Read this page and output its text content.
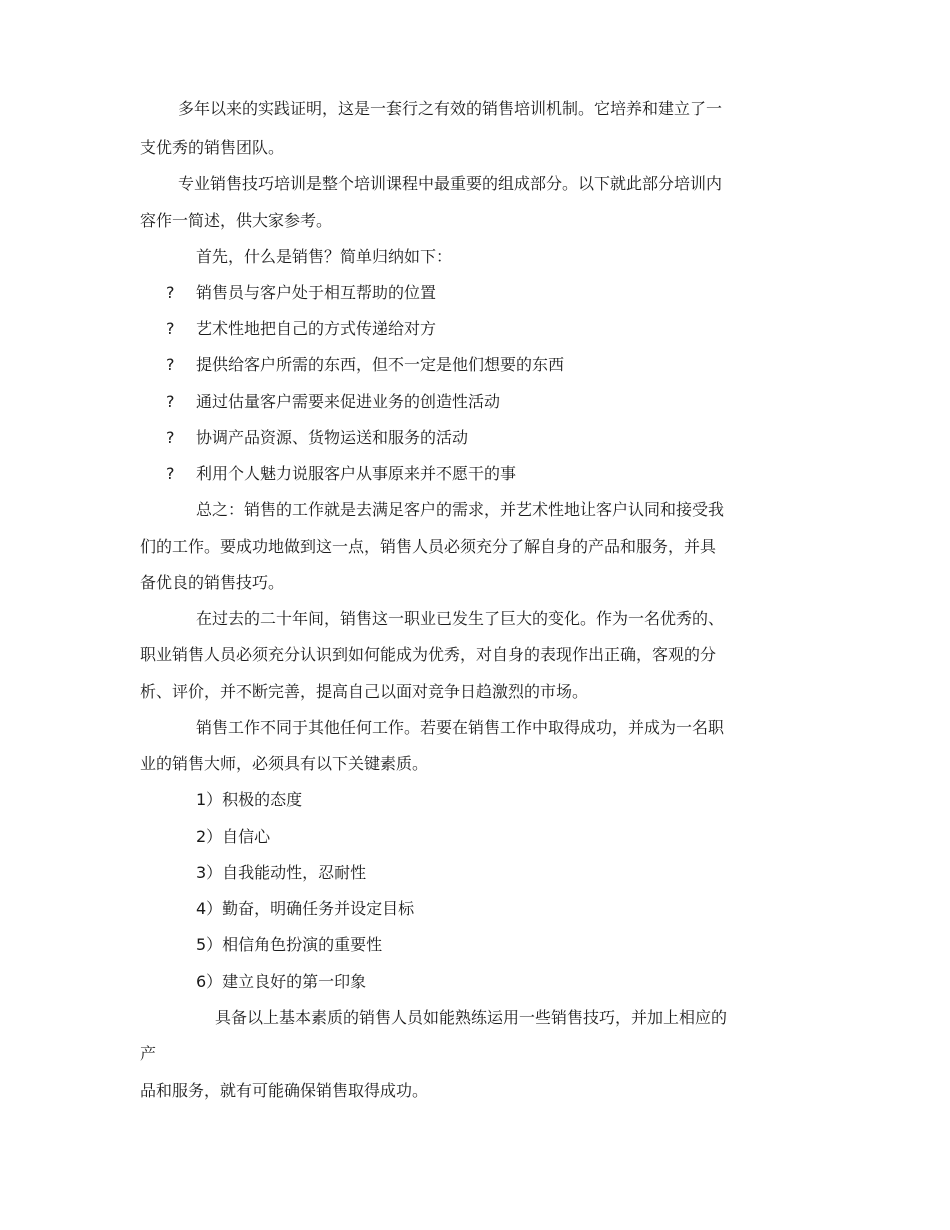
多年以来的实践证明，这是一套行之有效的销售培训机制。它培养和建立了一
支优秀的销售团队。
专业销售技巧培训是整个培训课程中最重要的组成部分。以下就此部分培训内
容作一简述，供大家参考。
首先，什么是销售？简单归纳如下：
? 销售员与客户处于相互帮助的位置
? 艺术性地把自己的方式传递给对方
? 提供给客户所需的东西，但不一定是他们想要的东西
? 通过估量客户需要来促进业务的创造性活动
? 协调产品资源、货物运送和服务的活动
? 利用个人魅力说服客户从事原来并不愿干的事
总之：销售的工作就是去满足客户的需求，并艺术性地让客户认同和接受我
们的工作。要成功地做到这一点，销售人员必须充分了解自身的产品和服务，并具
备优良的销售技巧。
在过去的二十年间，销售这一职业已发生了巨大的变化。作为一名优秀的、
职业销售人员必须充分认识到如何能成为优秀，对自身的表现作出正确，客观的分
析、评价，并不断完善，提高自己以面对竞争日趋激烈的市场。
销售工作不同于其他任何工作。若要在销售工作中取得成功，并成为一名职
业的销售大师，必须具有以下关键素质。
1）积极的态度
2）自信心
3）自我能动性，忍耐性
4）勤奋，明确任务并设定目标
5）相信角色扮演的重要性
6）建立良好的第一印象
具备以上基本素质的销售人员如能熟练运用一些销售技巧，并加上相应的
产
品和服务，就有可能确保销售取得成功。
